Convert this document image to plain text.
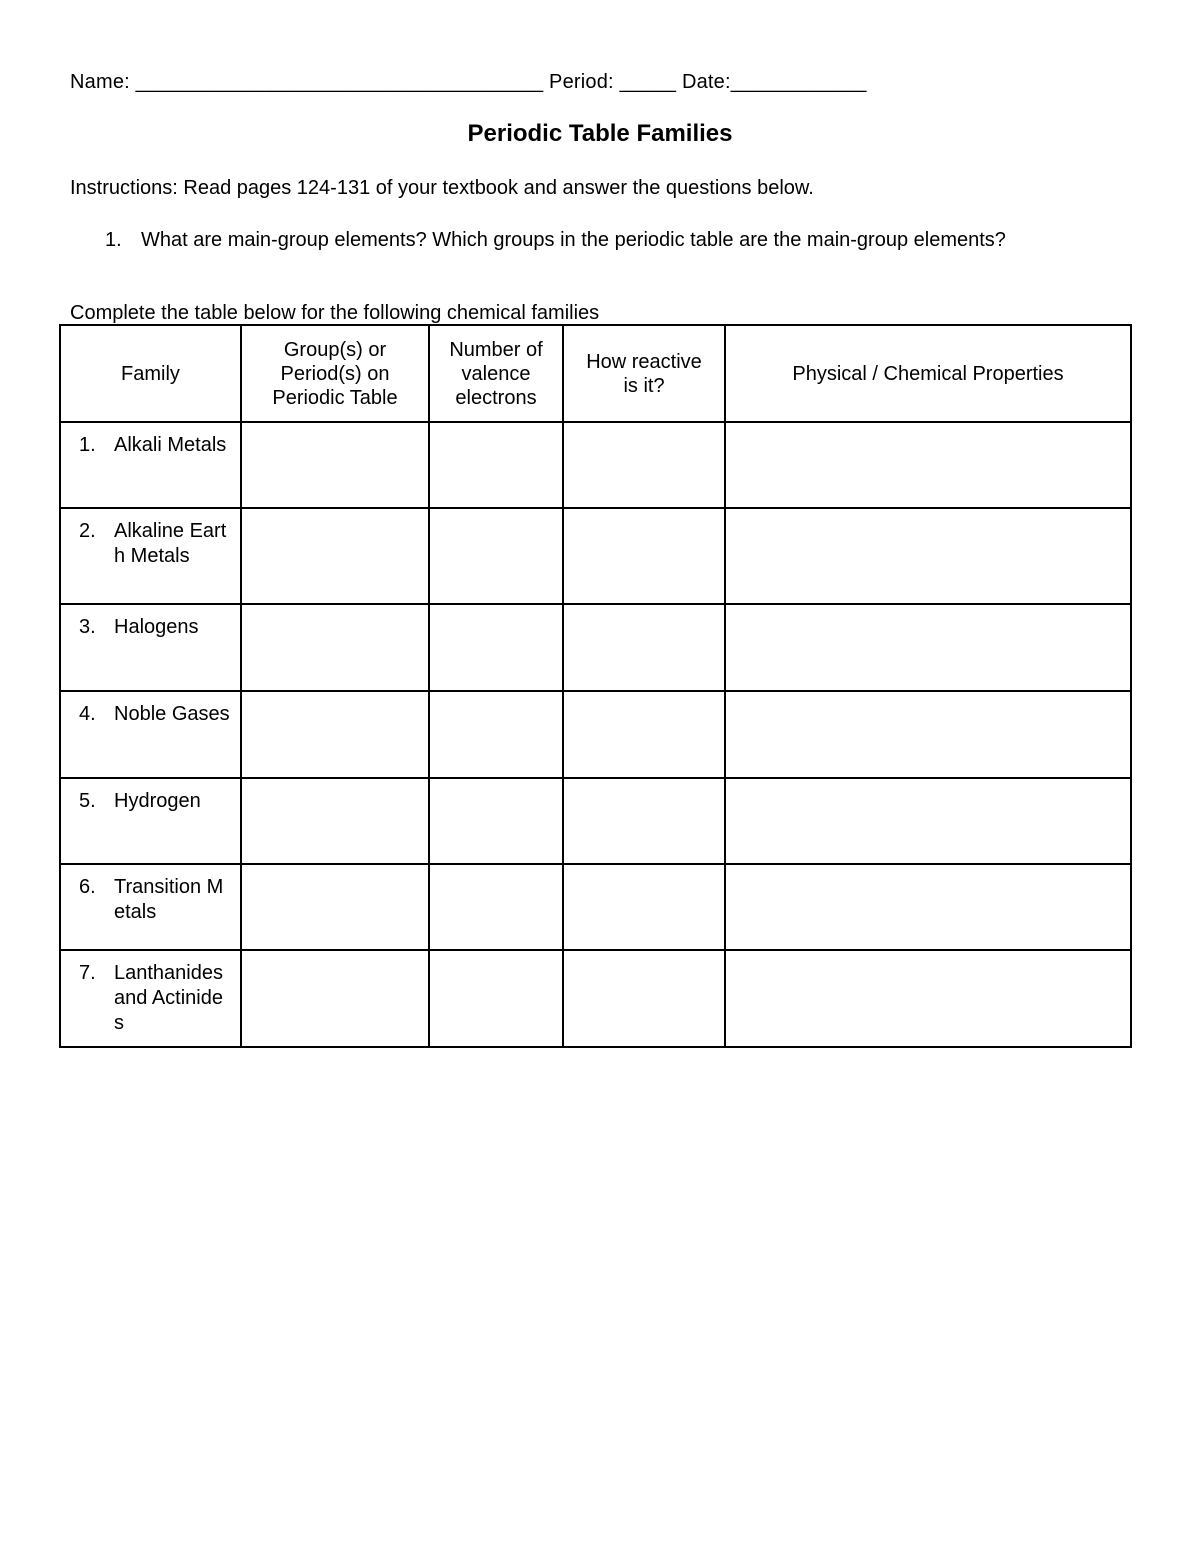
Name: ____________________________________ Period: _____ Date:____________
Periodic Table Families
Instructions: Read pages 124-131 of your textbook and answer the questions below.
1. What are main-group elements? Which groups in the periodic table are the main-group elements?
Complete the table below for the following chemical families
Family	Group(s) or Period(s) on Periodic Table	Number of valence electrons	How reactive is it?	Physical / Chemical Properties

1. Alkali Metals				

2. Alkaline Earth Metals				

3. Halogens				

4. Noble Gases				

5. Hydrogen				

6. Transition Metals				

7. Lanthanides and Actinides				
